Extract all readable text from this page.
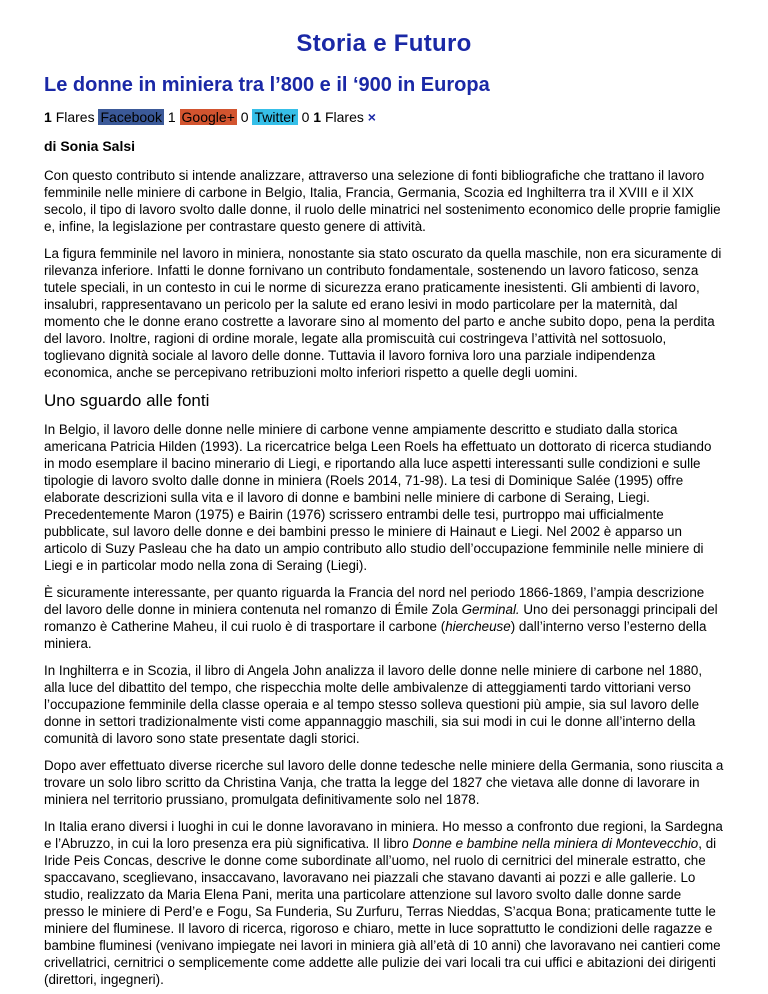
Storia e Futuro
Le donne in miniera tra l’800 e il ‘900 in Europa
1 Flares Facebook 1 Google+ 0 Twitter 0 1 Flares ×
di Sonia Salsi

Con questo contributo si intende analizzare, attraverso una selezione di fonti bibliografiche che trattano il lavoro femminile nelle miniere di carbone in Belgio, Italia, Francia, Germania, Scozia ed Inghilterra tra il XVIII e il XIX secolo, il tipo di lavoro svolto dalle donne, il ruolo delle minatrici nel sostenimento economico delle proprie famiglie e, infine, la legislazione per contrastare questo genere di attività.

La figura femminile nel lavoro in miniera, nonostante sia stato oscurato da quella maschile, non era sicuramente di rilevanza inferiore. Infatti le donne fornivano un contributo fondamentale, sostenendo un lavoro faticoso, senza tutele speciali, in un contesto in cui le norme di sicurezza erano praticamente inesistenti. Gli ambienti di lavoro, insalubri, rappresentavano un pericolo per la salute ed erano lesivi in modo particolare per la maternità, dal momento che le donne erano costrette a lavorare sino al momento del parto e anche subito dopo, pena la perdita del lavoro. Inoltre, ragioni di ordine morale, legate alla promiscuità cui costringeva l’attività nel sottosuolo, toglievano dignità sociale al lavoro delle donne. Tuttavia il lavoro forniva loro una parziale indipendenza economica, anche se percepivano retribuzioni molto inferiori rispetto a quelle degli uomini.

Uno sguardo alle fonti

In Belgio, il lavoro delle donne nelle miniere di carbone venne ampiamente descritto e studiato dalla storica americana Patricia Hilden (1993). La ricercatrice belga Leen Roels ha effettuato un dottorato di ricerca studiando in modo esemplare il bacino minerario di Liegi, e riportando alla luce aspetti interessanti sulle condizioni e sulle tipologie di lavoro svolto dalle donne in miniera (Roels 2014, 71-98). La tesi di Dominique Salée (1995) offre elaborate descrizioni sulla vita e il lavoro di donne e bambini nelle miniere di carbone di Seraing, Liegi. Precedentemente Maron (1975) e Bairin (1976) scrissero entrambi delle tesi, purtroppo mai ufficialmente pubblicate, sul lavoro delle donne e dei bambini presso le miniere di Hainaut e Liegi. Nel 2002 è apparso un articolo di Suzy Pasleau che ha dato un ampio contributo allo studio dell’occupazione femminile nelle miniere di Liegi e in particolar modo nella zona di Seraing (Liegi).

È sicuramente interessante, per quanto riguarda la Francia del nord nel periodo 1866-1869, l’ampia descrizione del lavoro delle donne in miniera contenuta nel romanzo di Émile Zola Germinal. Uno dei personaggi principali del romanzo è Catherine Maheu, il cui ruolo è di trasportare il carbone (hiercheuse) dall’interno verso l’esterno della miniera.

In Inghilterra e in Scozia, il libro di Angela John analizza il lavoro delle donne nelle miniere di carbone nel 1880, alla luce del dibattito del tempo, che rispecchia molte delle ambivalenze di atteggiamenti tardo vittoriani verso l’occupazione femminile della classe operaia e al tempo stesso solleva questioni più ampie, sia sul lavoro delle donne in settori tradizionalmente visti come appannaggio maschili, sia sui modi in cui le donne all’interno della comunità di lavoro sono state presentate dagli storici.

Dopo aver effettuato diverse ricerche sul lavoro delle donne tedesche nelle miniere della Germania, sono riuscita a trovare un solo libro scritto da Christina Vanja, che tratta la legge del 1827 che vietava alle donne di lavorare in miniera nel territorio prussiano, promulgata definitivamente solo nel 1878.

In Italia erano diversi i luoghi in cui le donne lavoravano in miniera. Ho messo a confronto due regioni, la Sardegna e l’Abruzzo, in cui la loro presenza era più significativa. Il libro Donne e bambine nella miniera di Montevecchio, di Iride Peis Concas, descrive le donne come subordinate all’uomo, nel ruolo di cernitrici del minerale estratto, che spaccavano, sceglievano, insaccavano, lavoravano nei piazzali che stavano davanti ai pozzi e alle gallerie. Lo studio, realizzato da Maria Elena Pani, merita una particolare attenzione sul lavoro svolto dalle donne sarde presso le miniere di Perd’e e Fogu, Sa Funderia, Su Zurfuru, Terras Nieddas, S’acqua Bona; praticamente tutte le miniere del fluminese. Il lavoro di ricerca, rigoroso e chiaro, mette in luce soprattutto le condizioni delle ragazze e bambine fluminesi (venivano impiegate nei lavori in miniera già all’età di 10 anni) che lavoravano nei cantieri come crivellatrici, cernitrici o semplicemente come addette alle pulizie dei vari locali tra cui uffici e abitazioni dei dirigenti (direttori, ingegneri).
